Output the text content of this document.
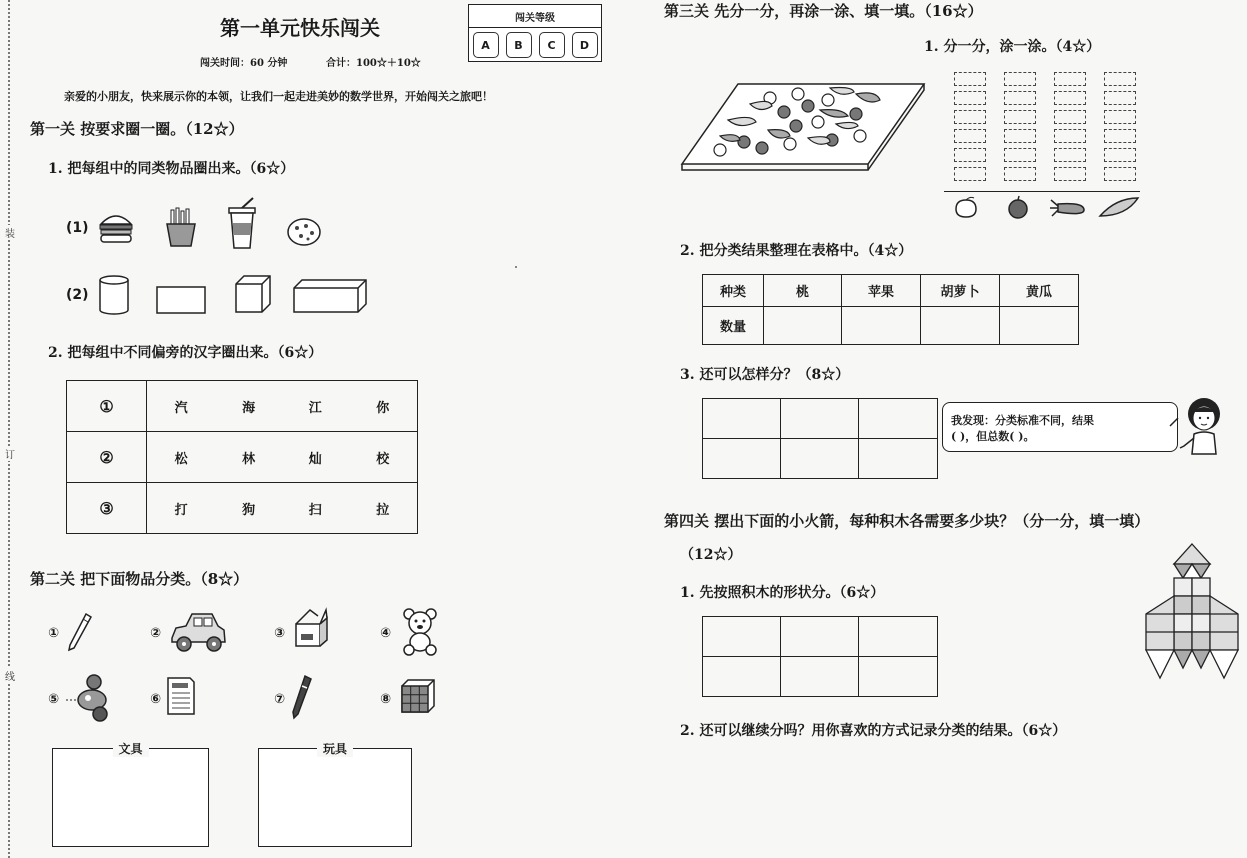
装
订
线
第一单元快乐闯关
闯关时间：60 分钟	合计：100☆＋10☆
闯关等级
A	B	C	D
亲爱的小朋友，快来展示你的本领，让我们一起走进美妙的数学世界，开始闯关之旅吧！
第一关 按要求圈一圈。（12☆）
1. 把每组中的同类物品圈出来。（6☆）
(1)
(2)
2. 把每组中不同偏旁的汉字圈出来。（6☆）
①	汽	海	江	你
②	松	林	灿	校
③	打	狗	扫	拉
第二关 把下面物品分类。（8☆）
①	②	③	④
⑤	⑥	⑦	⑧
文具	玩具
第三关 先分一分，再涂一涂、填一填。（16☆）
1. 分一分，涂一涂。（4☆）
2. 把分类结果整理在表格中。（4☆）
种类	桃	苹果	胡萝卜	黄瓜
数量				
3. 还可以怎样分？（8☆）

我发现：分类标准不同，结果
( )，但总数( )。
第四关 摆出下面的小火箭，每种积木各需要多少块？（分一分，填一填）
（12☆）
1. 先按照积木的形状分。（6☆）

2. 还可以继续分吗？用你喜欢的方式记录分类的结果。（6☆）
